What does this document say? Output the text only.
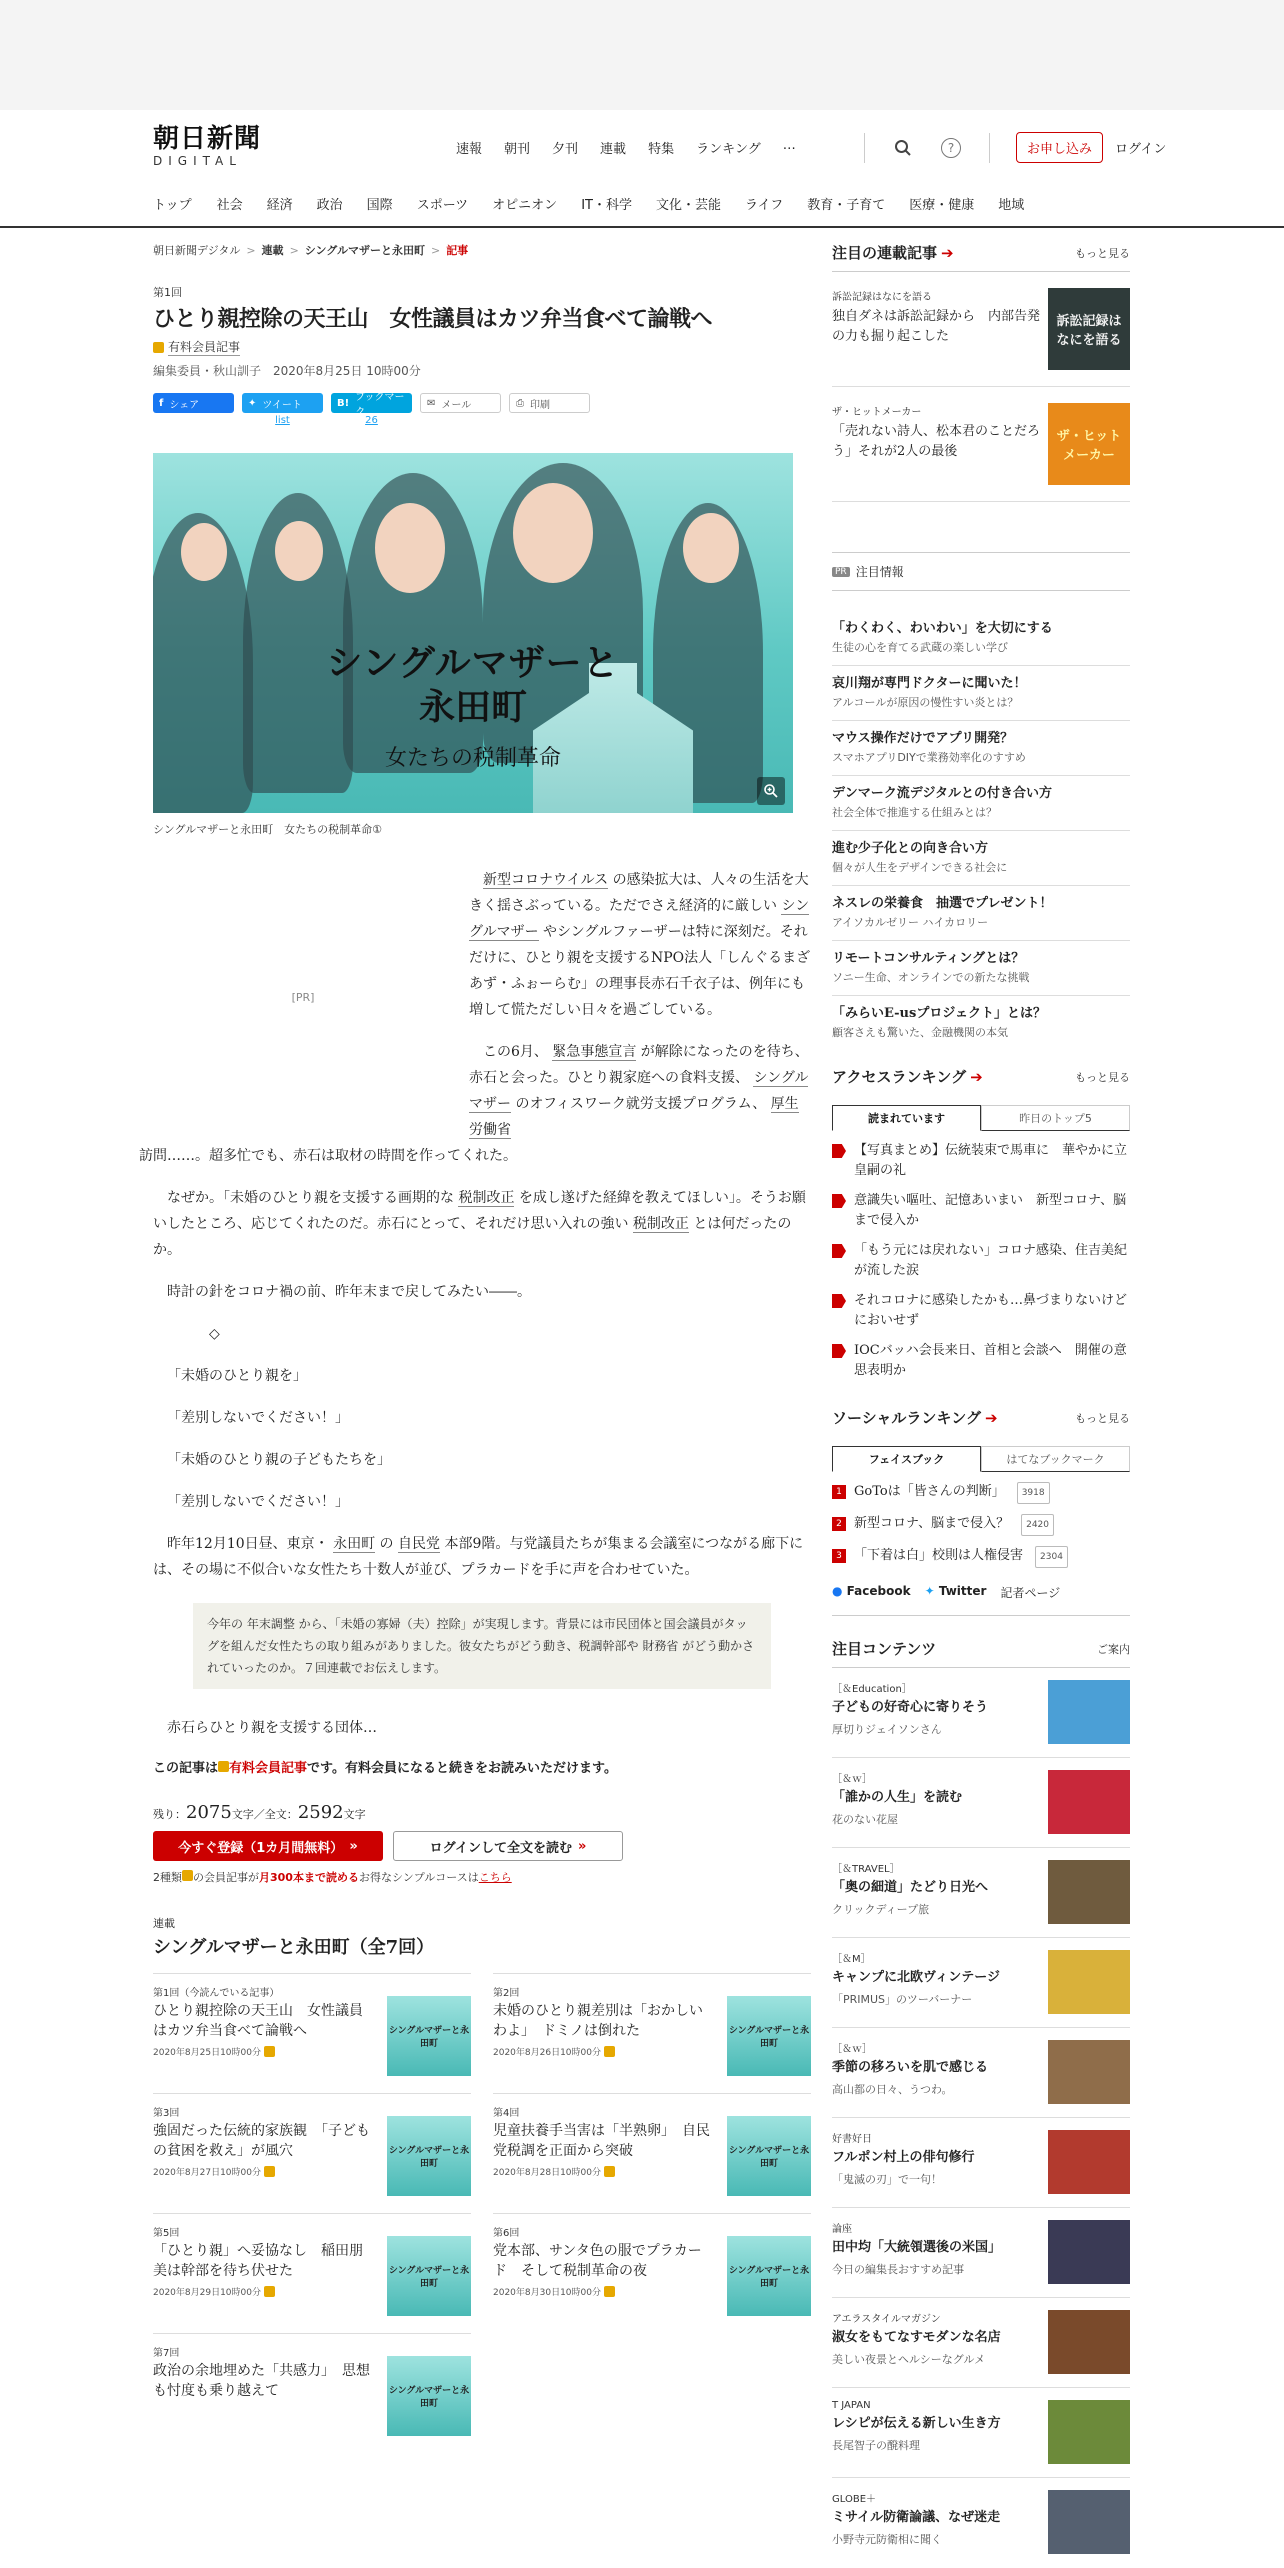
朝日新聞
DIGITAL
速報 朝刊 夕刊 連載 特集 ランキング …	?	お申し込み	ログイン
トップ 社会 経済 政治 国際 スポーツ オピニオン IT・科学 文化・芸能 ライフ 教育・子育て 医療・健康 地域
朝日新聞デジタル > 連載 > シングルマザーと永田町 > 記事
第1回
ひとり親控除の天王山　女性議員はカツ弁当食べて論戦へ
有料会員記事
編集委員・秋山訓子　2020年8月25日 10時00分
f シェア	✦ ツイート
list
B! ブックマーク
26
✉ メール	⎙ 印刷
シングルマザーと
永田町
女たちの税制革命
シングルマザーと永田町　女たちの税制革命①
[PR]

新型コロナウイルス の感染拡大は、人々の生活を大きく揺さぶっている。ただでさえ経済的に厳しい シングルマザー やシングルファーザーは特に深刻だ。それだけに、ひとり親を支援するNPO法人「しんぐるまざあず・ふぉーらむ」の理事長赤石千衣子は、例年にも増して慌ただしい日々を過ごしている。

この6月、 緊急事態宣言 が解除になったのを待ち、赤石と会った。ひとり親家庭への食料支援、 シングルマザー のオフィスワーク就労支援プログラム、 厚生労働省
訪問……。超多忙でも、赤石は取材の時間を作ってくれた。

なぜか。「未婚のひとり親を支援する画期的な 税制改正 を成し遂げた経緯を教えてほしい」。そうお願いしたところ、応じてくれたのだ。赤石にとって、それだけ思い入れの強い 税制改正 とは何だったのか。

時計の針をコロナ禍の前、昨年末まで戻してみたい――。

◇

「未婚のひとり親を」

「差別しないでください！」

「未婚のひとり親の子どもたちを」

「差別しないでください！」

昨年12月10日昼、東京・ 永田町 の 自民党 本部9階。与党議員たちが集まる会議室につながる廊下には、その場に不似合いな女性たち十数人が並び、プラカードを手に声を合わせていた。

今年の 年末調整 から、「未婚の寡婦（夫）控除」が実現します。背景には市民団体と国会議員がタッグを組んだ女性たちの取り組みがありました。彼女たちがどう動き、税調幹部や 財務省 がどう動かされていったのか。７回連載でお伝えします。

赤石らひとり親を支援する団体…

この記事は 有料会員記事です。有料会員になると続きをお読みいただけます。
残り：2075文字／全文：2592文字
今すぐ登録（1カ月間無料） »	ログインして全文を読む »
2種類 の会員記事が月300本まで読めるお得なシンプルコースはこちら
連載
シングルマザーと永田町（全7回）
第1回（今読んでいる記事）
ひとり親控除の天王山　女性議員はカツ弁当食べて論戦へ
2020年8月25日10時00分
シングルマザーと永田町
第2回
未婚のひとり親差別は「おかしいわよ」　ドミノは倒れた
2020年8月26日10時00分
シングルマザーと永田町
第3回
強固だった伝統的家族観　「子どもの貧困を救え」が風穴
2020年8月27日10時00分
シングルマザーと永田町
第4回
児童扶養手当害は「半熟卵」　自民党税調を正面から突破
2020年8月28日10時00分
シングルマザーと永田町
第5回
「ひとり親」へ妥協なし　稲田朋美は幹部を待ち伏せた
2020年8月29日10時00分
シングルマザーと永田町
第6回
党本部、サンタ色の服でプラカード　そして税制革命の夜
2020年8月30日10時00分
シングルマザーと永田町
第7回
政治の余地埋めた「共感力」　思想も忖度も乗り越えて	シングルマザーと永田町
注目の連載記事 ➔	もっと見る
訴訟記録はなにを語る
独自ダネは訴訟記録から　内部告発の力も掘り起こした
訴訟記録はなにを語る
ザ・ヒットメーカー
「売れない詩人、松本君のことだろう」それが2人の最後
ザ・ヒットメーカー
PR 注目情報
「わくわく、わいわい」を大切にする
生徒の心を育てる武蔵の楽しい学び
哀川翔が専門ドクターに聞いた！
アルコールが原因の慢性すい炎とは？
マウス操作だけでアプリ開発？
スマホアプリDIYで業務効率化のすすめ
デンマーク流デジタルとの付き合い方
社会全体で推進する仕組みとは？
進む少子化との向き合い方
個々が人生をデザインできる社会に
ネスレの栄養食　抽選でプレゼント！
アイソカルゼリー ハイカロリー
リモートコンサルティングとは？
ソニー生命、オンラインでの新たな挑戦
「みらいE-usプロジェクト」とは？
顧客さえも驚いた、金融機関の本気
アクセスランキング ➔	もっと見る
読まれています	昨日のトップ5
【写真まとめ】伝統装束で馬車に　華やかに立皇嗣の礼
意識失い嘔吐、記憶あいまい　新型コロナ、脳まで侵入か
「もう元には戻れない」コロナ感染、住吉美紀が流した涙
それコロナに感染したかも…鼻づまりないけどにおいせず
IOCバッハ会長来日、首相と会談へ　開催の意思表明か
ソーシャルランキング ➔	もっと見る
フェイスブック	はてなブックマーク
1 GoToは「皆さんの判断」	3918
2 新型コロナ、脳まで侵入？	2420
3 「下着は白」校則は人権侵害	2304
● Facebook ✦ Twitter 記者ページ
注目コンテンツ	ご案内
［＆Education］
子どもの好奇心に寄りそう
厚切りジェイソンさん
［＆ｗ］
「誰かの人生」を読む
花のない花屋
［＆TRAVEL］
「奥の細道」たどり日光へ
クリックディープ旅
［＆M］
キャンプに北欧ヴィンテージ
「PRIMUS」のツーバーナー
［＆ｗ］
季節の移ろいを肌で感じる
高山都の日々、うつわ。
好書好日
フルポン村上の俳句修行
「鬼滅の刃」で一句！
論座
田中均「大統領選後の米国」
今日の編集長おすすめ記事
アエラスタイルマガジン
淑女をもてなすモダンな名店
美しい夜景とヘルシーなグルメ
T JAPAN
レシピが伝える新しい生き方
長尾智子の醗料理
GLOBE＋
ミサイル防衛論議、なぜ迷走
小野寺元防衛相に聞く
